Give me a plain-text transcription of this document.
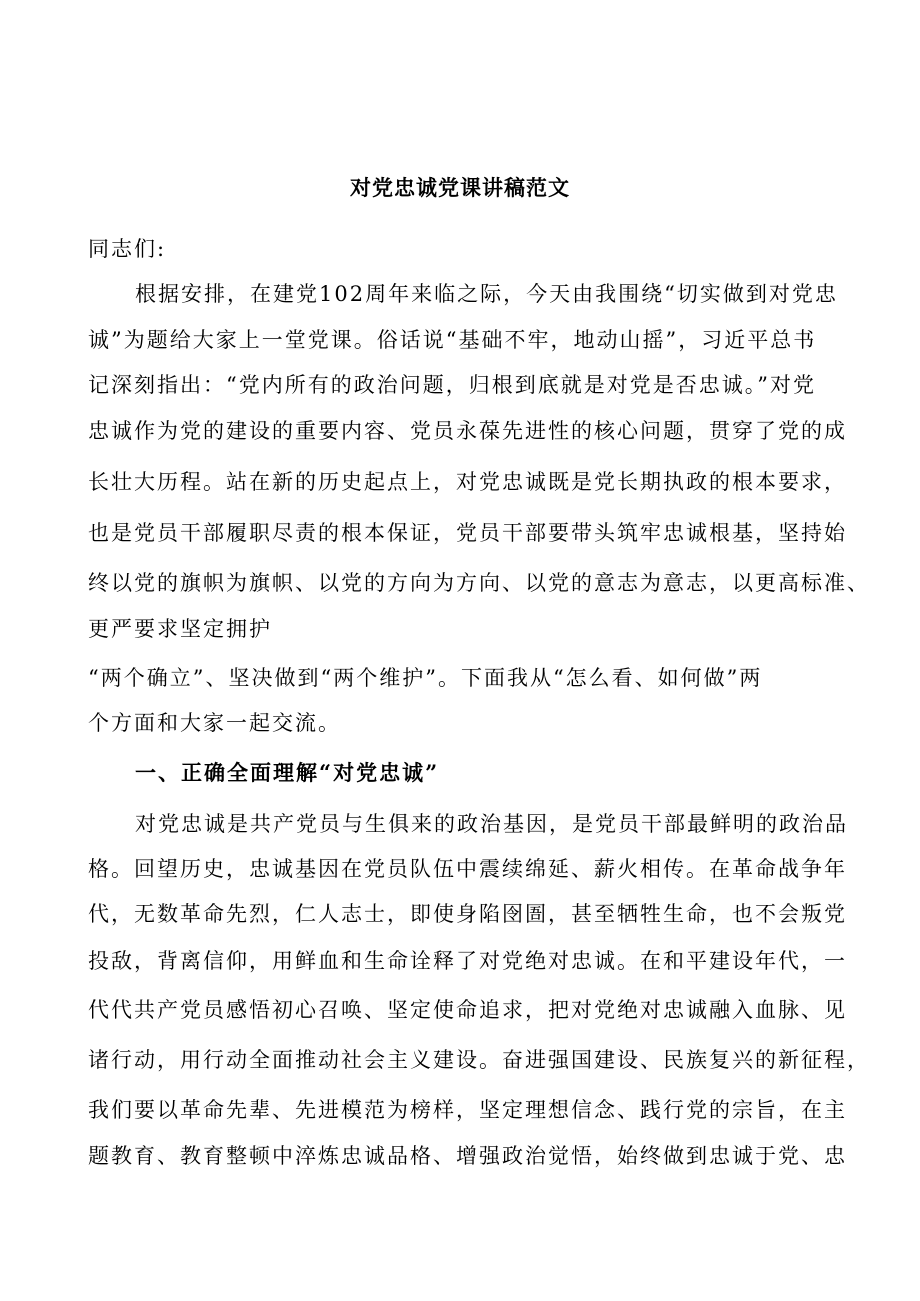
对党忠诚党课讲稿范文
同志们:
根据安排，在建党102周年来临之际，今天由我围绕“切实做到对党忠
诚”为题给大家上一堂党课。俗话说“基础不牢，地动山摇”，习近平总书
记深刻指出：“党内所有的政治问题，归根到底就是对党是否忠诚。”对党
忠诚作为党的建设的重要内容、党员永葆先进性的核心问题，贯穿了党的成
长壮大历程。站在新的历史起点上，对党忠诚既是党长期执政的根本要求，
也是党员干部履职尽责的根本保证，党员干部要带头筑牢忠诚根基，坚持始
终以党的旗帜为旗帜、以党的方向为方向、以党的意志为意志，以更高标准、
更严要求坚定拥护
“两个确立”、坚决做到“两个维护”。下面我从“怎么看、如何做”两
个方面和大家一起交流。
一、正确全面理解“对党忠诚”
对党忠诚是共产党员与生俱来的政治基因，是党员干部最鲜明的政治品
格。回望历史，忠诚基因在党员队伍中震续绵延、薪火相传。在革命战争年
代，无数革命先烈，仁人志士，即使身陷囹圄，甚至牺牲生命，也不会叛党
投敌，背离信仰，用鲜血和生命诠释了对党绝对忠诚。在和平建设年代，一
代代共产党员感悟初心召唤、坚定使命追求，把对党绝对忠诚融入血脉、见
诸行动，用行动全面推动社会主义建设。奋进强国建设、民族复兴的新征程，
我们要以革命先辈、先进模范为榜样，坚定理想信念、践行党的宗旨，在主
题教育、教育整顿中淬炼忠诚品格、增强政治觉悟，始终做到忠诚于党、忠
